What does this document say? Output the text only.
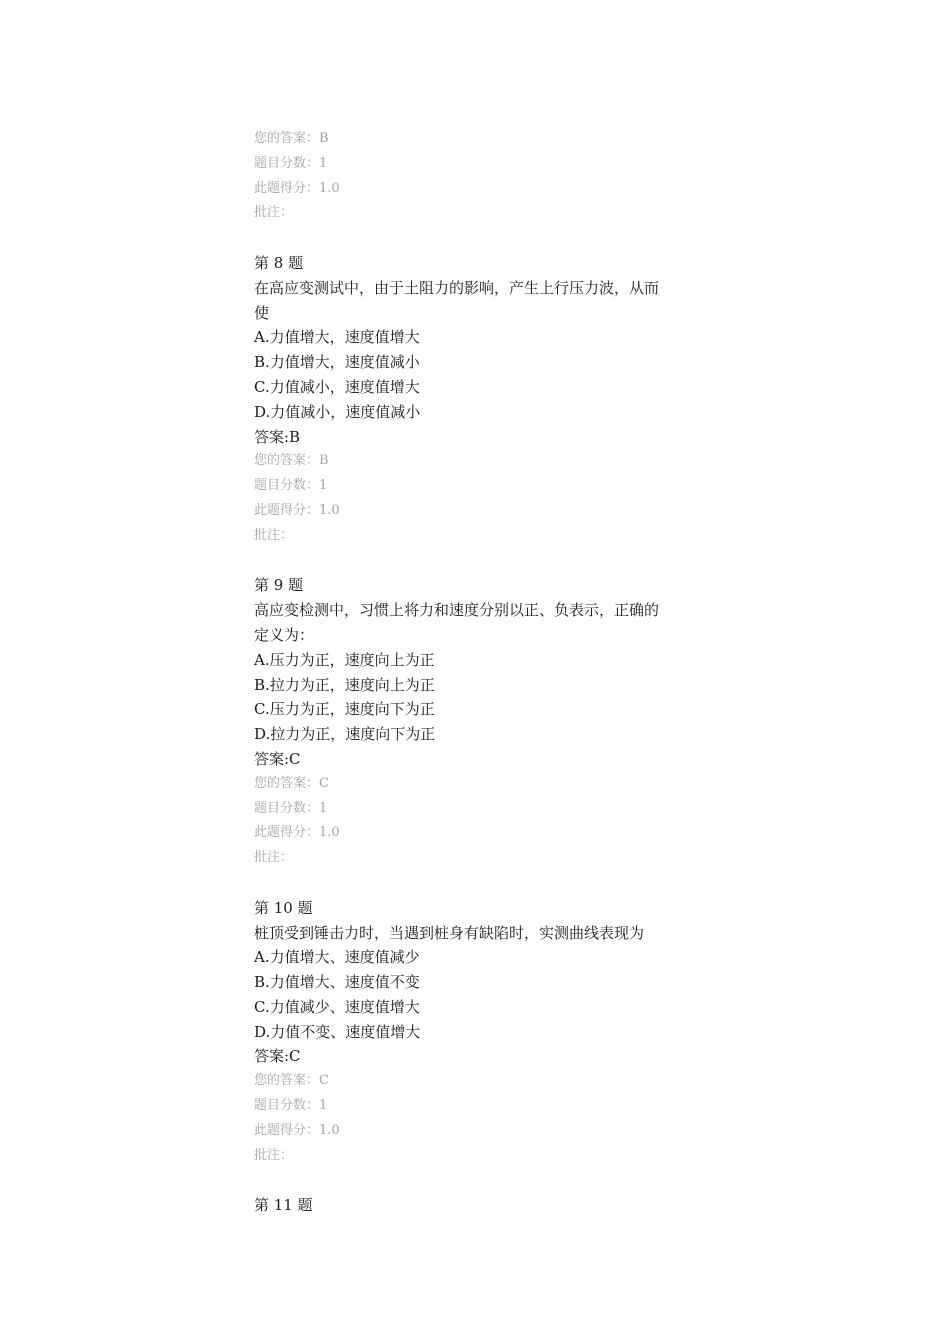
您的答案：B
题目分数：1
此题得分：1.0
批注：
第 8 题
在高应变测试中，由于土阻力的影响，产生上行压力波，从而
使
A.力值增大，速度值增大
B.力值增大，速度值减小
C.力值减小，速度值增大
D.力值减小，速度值减小
答案:B
您的答案：B
题目分数：1
此题得分：1.0
批注：
第 9 题
高应变检测中，习惯上将力和速度分别以正、负表示，正确的
定义为：
A.压力为正，速度向上为正
B.拉力为正，速度向上为正
C.压力为正，速度向下为正
D.拉力为正，速度向下为正
答案:C
您的答案：C
题目分数：1
此题得分：1.0
批注：
第 10 题
桩顶受到锤击力时，当遇到桩身有缺陷时，实测曲线表现为
A.力值增大、速度值减少
B.力值增大、速度值不变
C.力值减少、速度值增大
D.力值不变、速度值增大
答案:C
您的答案：C
题目分数：1
此题得分：1.0
批注：
第 11 题
